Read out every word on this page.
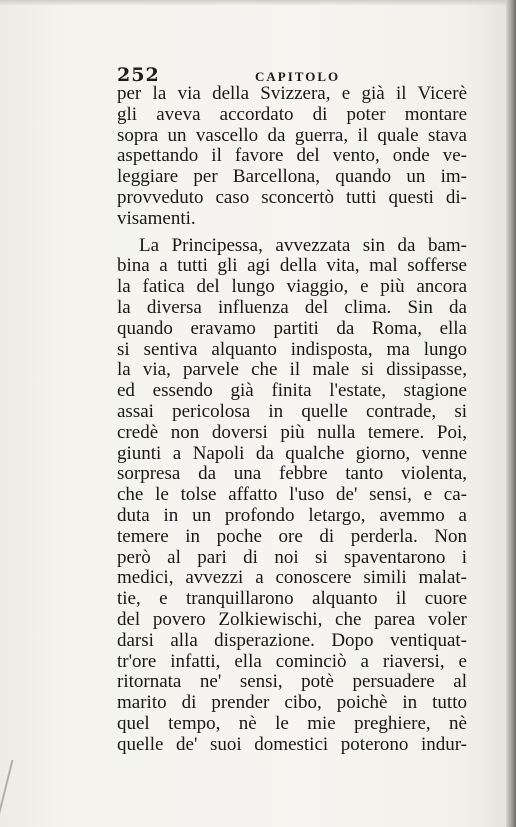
252	CAPITOLO
per la via della Svizzera, e già il Vicerè
gli aveva accordato di poter montare
sopra un vascello da guerra, il quale stava
aspettando il favore del vento, onde ve-
leggiare per Barcellona, quando un im-
provveduto caso sconcertò tutti questi di-
visamenti.
La Principessa, avvezzata sin da bam-
bina a tutti gli agi della vita, mal sofferse
la fatica del lungo viaggio, e più ancora
la diversa influenza del clima. Sin da
quando eravamo partiti da Roma, ella
si sentiva alquanto indisposta, ma lungo
la via, parvele che il male si dissipasse,
ed essendo già finita l'estate, stagione
assai pericolosa in quelle contrade, si
credè non doversi più nulla temere. Poi,
giunti a Napoli da qualche giorno, venne
sorpresa da una febbre tanto violenta,
che le tolse affatto l'uso de' sensi, e ca-
duta in un profondo letargo, avemmo a
temere in poche ore di perderla. Non
però al pari di noi si spaventarono i
medici, avvezzi a conoscere simili malat-
tie, e tranquillarono alquanto il cuore
del povero Zolkiewischi, che parea voler
darsi alla disperazione. Dopo ventiquat-
tr'ore infatti, ella cominciò a riaversi, e
ritornata ne' sensi, potè persuadere al
marito di prender cibo, poichè in tutto
quel tempo, nè le mie preghiere, nè
quelle de' suoi domestici poterono indur-
